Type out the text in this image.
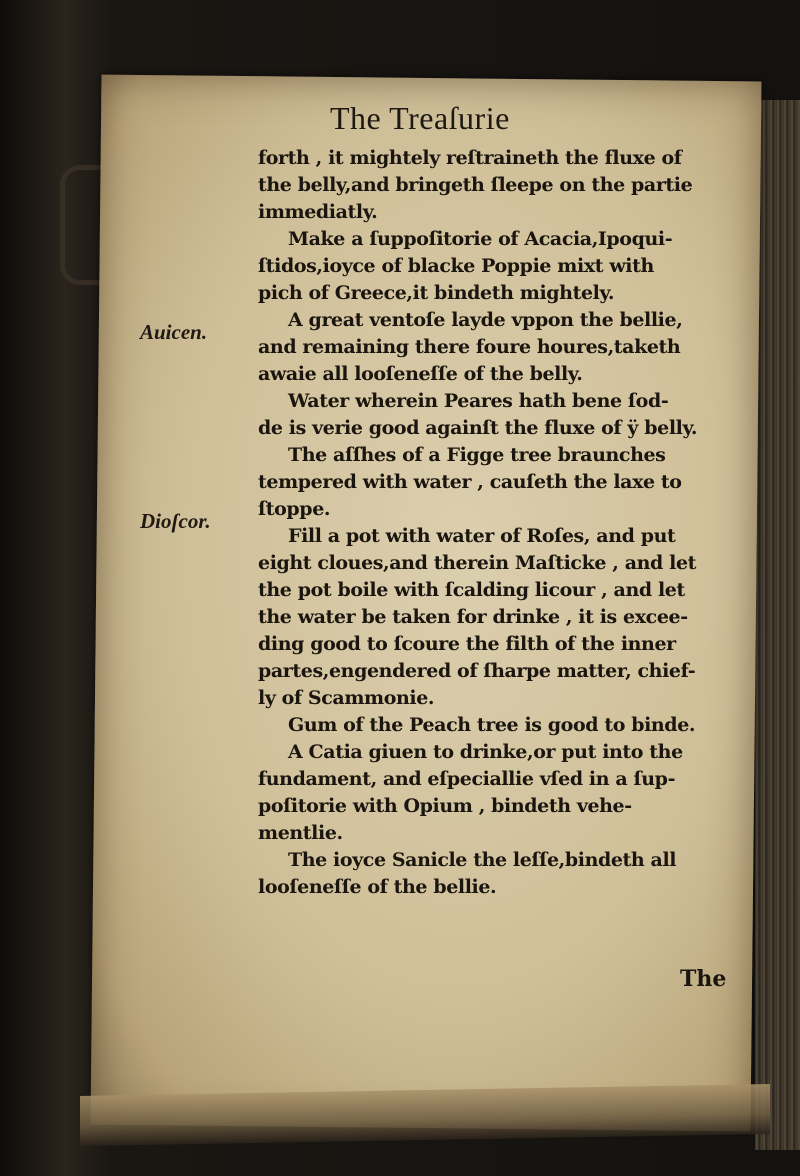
The Treaſurie
Auicen.
Dioſcor.

forth , it mightely reſtraineth the fluxe of

the belly,and bringeth ſleepe on the partie

immediatly.

Make a ſuppoſitorie of Acacia,Ipoqui-

ſtidos,ioyce of blacke Poppie mixt with

pich of Greece,it bindeth mightely.

A great ventoſe layde vppon the bellie,

and remaining there foure houres,taketh

awaie all looſeneſſe of the belly.

Water wherein Peares hath bene ſod-

de is verie good againſt the fluxe of ÿ belly.

The aſſhes of a Figge tree braunches

tempered with water , cauſeth the laxe to

ſtoppe.

Fill a pot with water of Roſes, and put

eight cloues,and therein Maſticke , and let

the pot boile with ſcalding licour , and let

the water be taken for drinke , it is excee-

ding good to ſcoure the filth of the inner

partes,engendered of ſharpe matter, chief-

ly of Scammonie.

Gum of the Peach tree is good to binde.

A Catia giuen to drinke,or put into the

fundament, and eſpeciallie vſed in a ſup-

poſitorie with Opium , bindeth vehe-

mentlie.

The ioyce Sanicle the leſſe,bindeth all

looſeneſſe of the bellie.

The
